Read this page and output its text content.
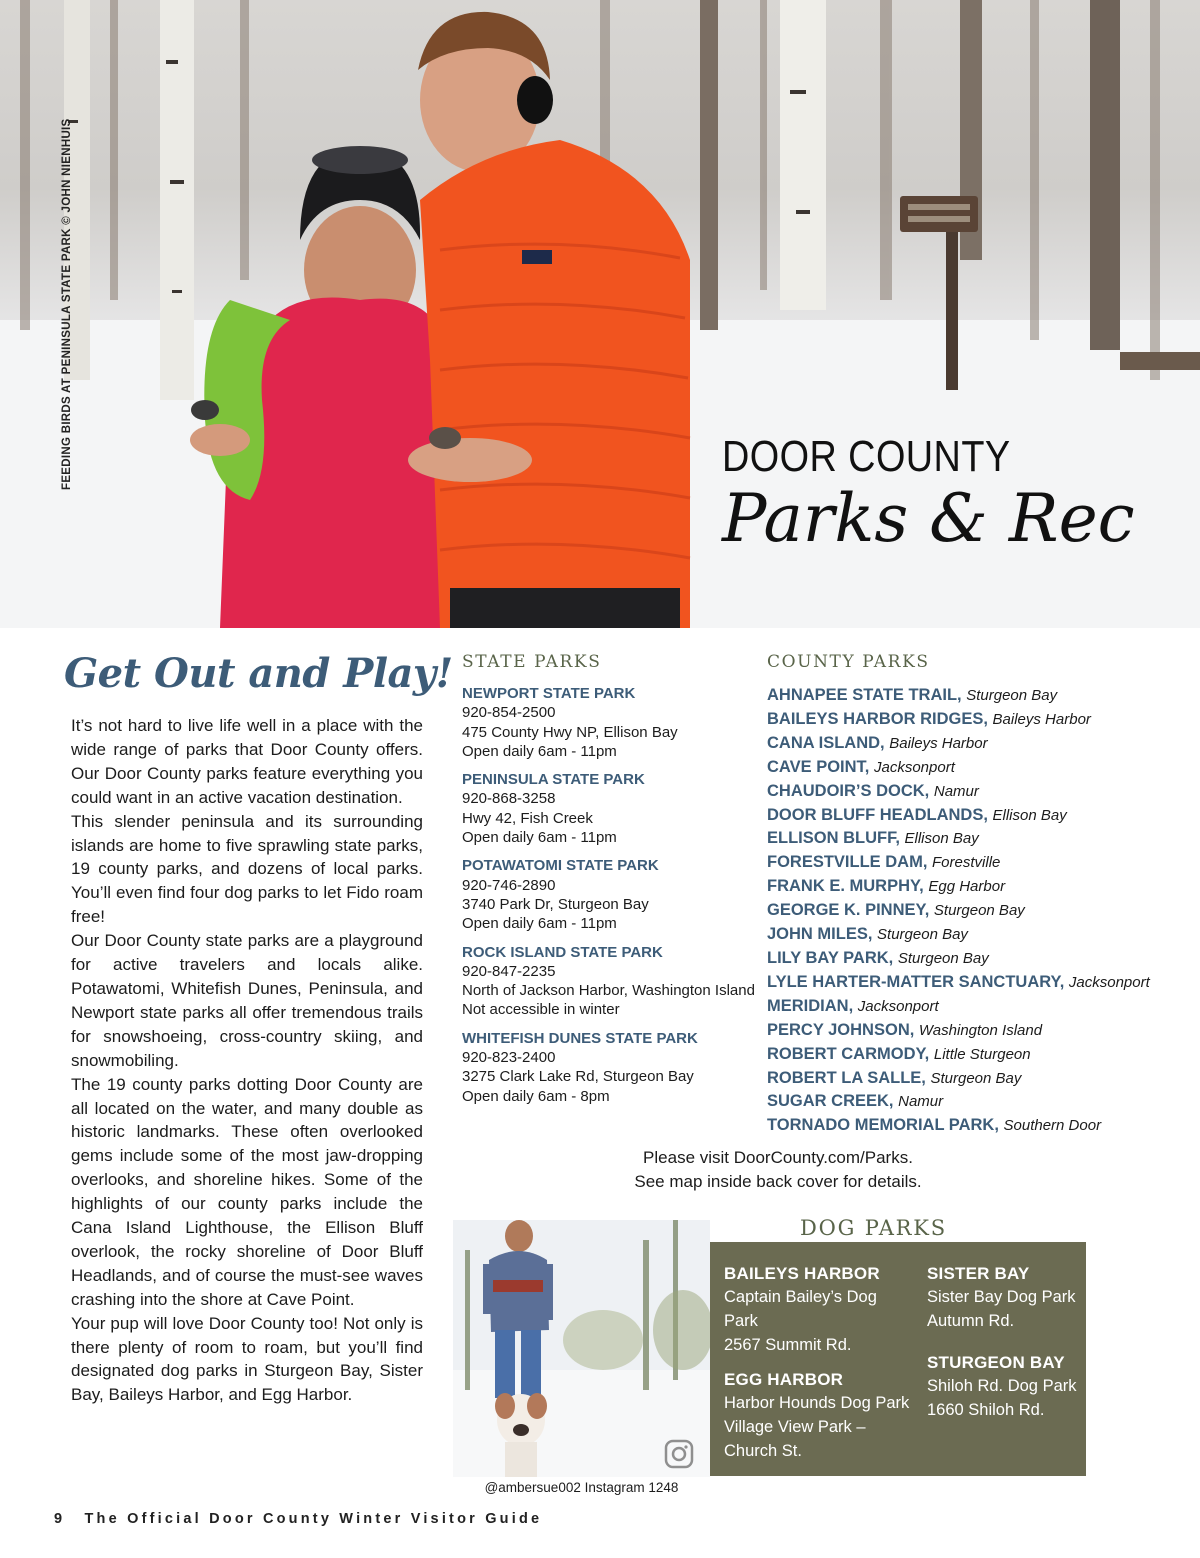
FEEDING BIRDS AT PENINSULA STATE PARK © JOHN NIENHUIS	DOOR COUNTY
Parks & Rec
Get Out and Play!

It’s not hard to live life well in a place with the wide range of parks that Door County offers. Our Door County parks feature everything you could want in an active vacation destination.

This slender peninsula and its surrounding islands are home to five sprawling state parks, 19 county parks, and dozens of local parks. You’ll even find four dog parks to let Fido roam free!

Our Door County state parks are a playground for active travelers and locals alike. Potawatomi, Whitefish Dunes, Peninsula, and Newport state parks all offer tremendous trails for snowshoeing, cross-country skiing, and snowmobiling.

The 19 county parks dotting Door County are all located on the water, and many double as historic landmarks. These often overlooked gems include some of the most jaw-dropping overlooks, and shoreline hikes. Some of the highlights of our county parks include the Cana Island Lighthouse, the Ellison Bluff overlook, the rocky shoreline of Door Bluff Headlands, and of course the must-see waves crashing into the shore at Cave Point.

Your pup will love Door County too! Not only is there plenty of room to roam, but you’ll find designated dog parks in Sturgeon Bay, Sister Bay, Baileys Harbor, and Egg Harbor.

STATE PARKS
NEWPORT STATE PARK
920-854-2500
475 County Hwy NP, Ellison Bay
Open daily 6am - 11pm
PENINSULA STATE PARK
920-868-3258
Hwy 42, Fish Creek
Open daily 6am - 11pm
POTAWATOMI STATE PARK
920-746-2890
3740 Park Dr, Sturgeon Bay
Open daily 6am - 11pm
ROCK ISLAND STATE PARK
920-847-2235
North of Jackson Harbor, Washington Island
Not accessible in winter
WHITEFISH DUNES STATE PARK
920-823-2400
3275 Clark Lake Rd, Sturgeon Bay
Open daily 6am - 8pm
COUNTY PARKS
AHNAPEE STATE TRAIL, Sturgeon Bay
BAILEYS HARBOR RIDGES, Baileys Harbor
CANA ISLAND, Baileys Harbor
CAVE POINT, Jacksonport
CHAUDOIR’S DOCK, Namur
DOOR BLUFF HEADLANDS, Ellison Bay
ELLISON BLUFF, Ellison Bay
FORESTVILLE DAM, Forestville
FRANK E. MURPHY, Egg Harbor
GEORGE K. PINNEY, Sturgeon Bay
JOHN MILES, Sturgeon Bay
LILY BAY PARK, Sturgeon Bay
LYLE HARTER-MATTER SANCTUARY, Jacksonport
MERIDIAN, Jacksonport
PERCY JOHNSON, Washington Island
ROBERT CARMODY, Little Sturgeon
ROBERT LA SALLE, Sturgeon Bay
SUGAR CREEK, Namur
TORNADO MEMORIAL PARK, Southern Door
Please visit DoorCounty.com/Parks.
See map inside back cover for details.
@ambersue002 Instagram 1248
DOG PARKS
BAILEYS HARBOR
Captain Bailey’s Dog
Park
2567 Summit Rd.
EGG HARBOR
Harbor Hounds Dog Park
Village View Park –
Church St.
SISTER BAY
Sister Bay Dog Park
Autumn Rd.
STURGEON BAY
Shiloh Rd. Dog Park
1660 Shiloh Rd.
9 The Official Door County Winter Visitor Guide
